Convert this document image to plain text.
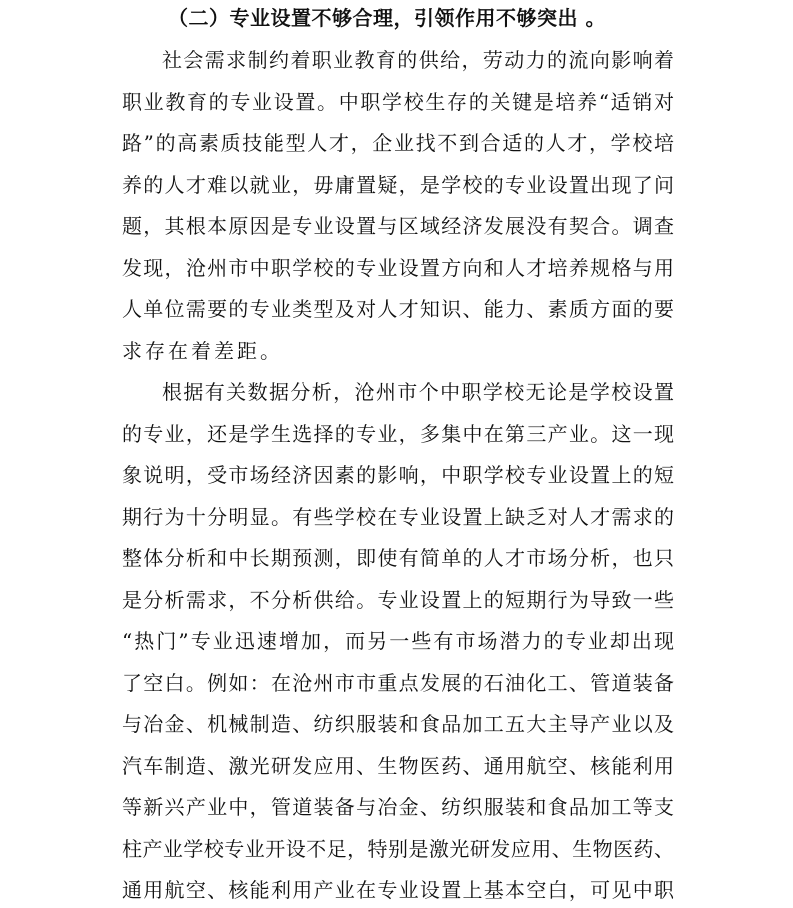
（二）专业设置不够合理，引领作用不够突出 。

社会需求制约着职业教育的供给，劳动力的流向影响着

职业教育的专业设置。中职学校生存的关键是培养“适销对

路”的高素质技能型人才，企业找不到合适的人才，学校培

养的人才难以就业，毋庸置疑，是学校的专业设置出现了问

题，其根本原因是专业设置与区域经济发展没有契合。调查

发现，沧州市中职学校的专业设置方向和人才培养规格与用

人单位需要的专业类型及对人才知识、能力、素质方面的要

求存在着差距。

根据有关数据分析，沧州市个中职学校无论是学校设置

的专业，还是学生选择的专业，多集中在第三产业。这一现

象说明，受市场经济因素的影响，中职学校专业设置上的短

期行为十分明显。有些学校在专业设置上缺乏对人才需求的

整体分析和中长期预测，即使有简单的人才市场分析，也只

是分析需求，不分析供给。专业设置上的短期行为导致一些

“热门”专业迅速增加，而另一些有市场潜力的专业却出现

了空白。例如：在沧州市市重点发展的石油化工、管道装备

与冶金、机械制造、纺织服装和食品加工五大主导产业以及

汽车制造、激光研发应用、生物医药、通用航空、核能利用

等新兴产业中，管道装备与冶金、纺织服装和食品加工等支

柱产业学校专业开设不足，特别是激光研发应用、生物医药、

通用航空、核能利用产业在专业设置上基本空白，可见中职
